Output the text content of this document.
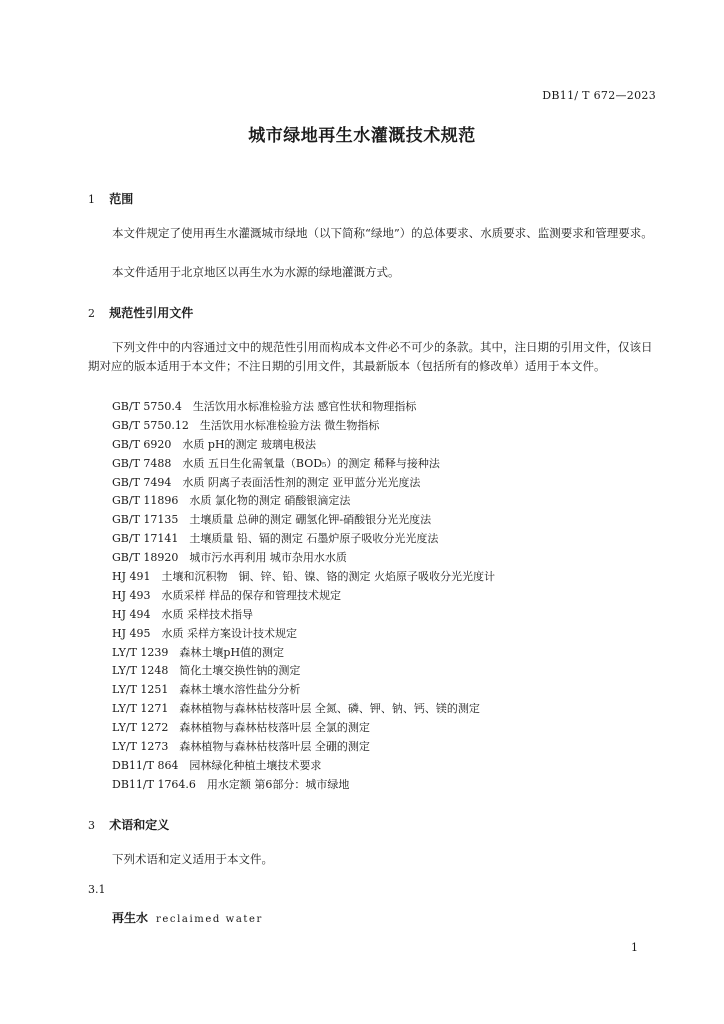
DB11/ T 672—2023
城市绿地再生水灌溉技术规范
1 范围
本文件规定了使用再生水灌溉城市绿地（以下简称“绿地”）的总体要求、水质要求、监测要求和管理要求。
本文件适用于北京地区以再生水为水源的绿地灌溉方式。
2 规范性引用文件
下列文件中的内容通过文中的规范性引用而构成本文件必不可少的条款。其中，注日期的引用文件，仅该日期对应的版本适用于本文件；不注日期的引用文件，其最新版本（包括所有的修改单）适用于本文件。
GB/T 5750.4　生活饮用水标准检验方法 感官性状和物理指标
GB/T 5750.12　生活饮用水标准检验方法 微生物指标
GB/T 6920　水质 pH的测定 玻璃电极法
GB/T 7488　水质 五日生化需氧量（BOD₅）的测定 稀释与接种法
GB/T 7494　水质 阴离子表面活性剂的测定 亚甲蓝分光光度法
GB/T 11896　水质 氯化物的测定 硝酸银滴定法
GB/T 17135　土壤质量 总砷的测定 硼氢化钾-硝酸银分光光度法
GB/T 17141　土壤质量 铅、镉的测定 石墨炉原子吸收分光光度法
GB/T 18920　城市污水再利用 城市杂用水水质
HJ 491　土壤和沉积物　铜、锌、铅、镍、铬的测定 火焰原子吸收分光光度计
HJ 493　水质采样 样品的保存和管理技术规定
HJ 494　水质 采样技术指导
HJ 495　水质 采样方案设计技术规定
LY/T 1239　森林土壤pH值的测定
LY/T 1248　简化土壤交换性钠的测定
LY/T 1251　森林土壤水溶性盐分分析
LY/T 1271　森林植物与森林枯枝落叶层 全氮、磷、钾、钠、钙、镁的测定
LY/T 1272　森林植物与森林枯枝落叶层 全氯的测定
LY/T 1273　森林植物与森林枯枝落叶层 全硼的测定
DB11/T 864　园林绿化种植土壤技术要求
DB11/T 1764.6　用水定额 第6部分：城市绿地
3 术语和定义
下列术语和定义适用于本文件。
3.1
再生水 reclaimed water
1
